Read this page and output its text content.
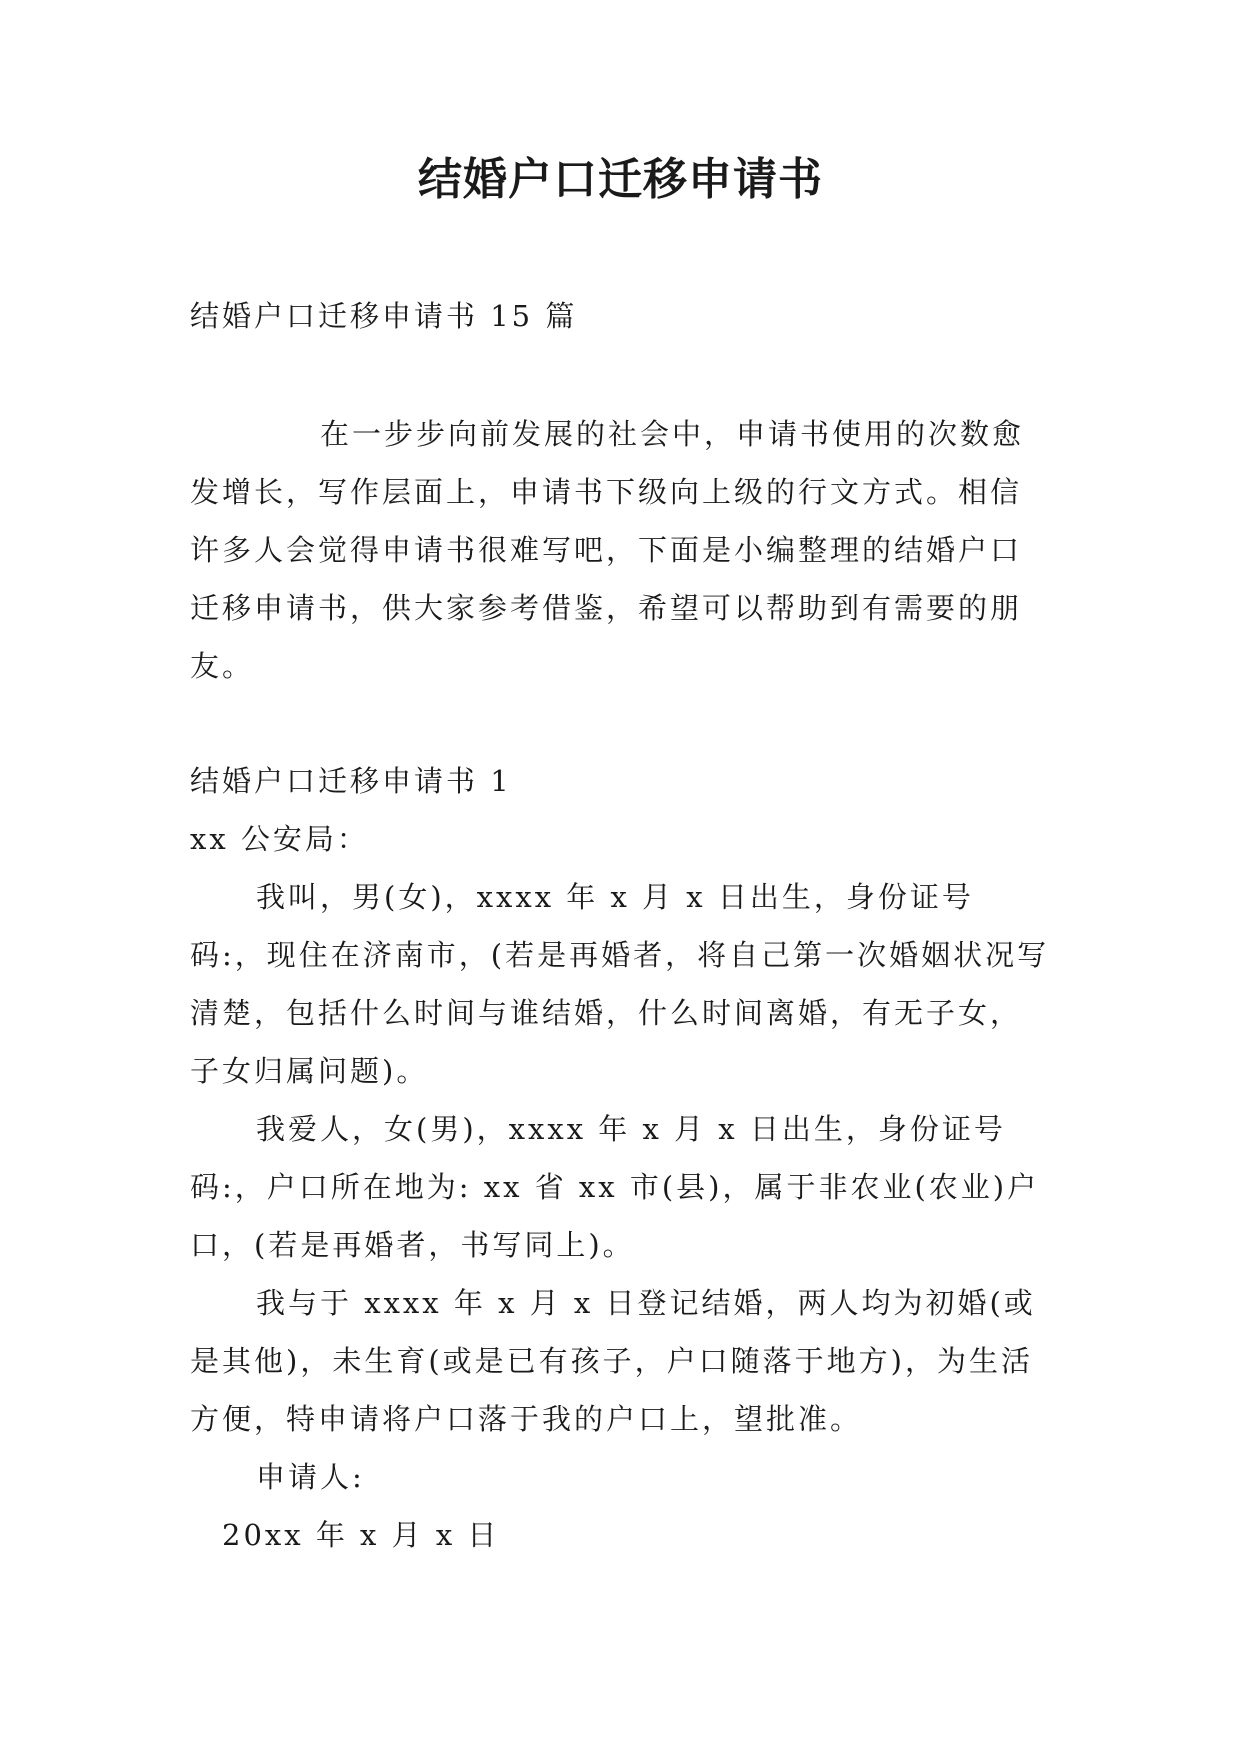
结婚户口迁移申请书
结婚户口迁移申请书 15 篇

在一步步向前发展的社会中，申请书使用的次数愈发增长，写作层面上，申请书下级向上级的行文方式。相信许多人会觉得申请书很难写吧，下面是小编整理的结婚户口迁移申请书，供大家参考借鉴，希望可以帮助到有需要的朋友。

结婚户口迁移申请书 1

xx 公安局：

我叫，男(女)，xxxx 年 x 月 x 日出生，身份证号码:，现住在济南市，(若是再婚者，将自己第一次婚姻状况写清楚，包括什么时间与谁结婚，什么时间离婚，有无子女，子女归属问题)。

我爱人，女(男)，xxxx 年 x 月 x 日出生，身份证号码:，户口所在地为: xx 省 xx 市(县)，属于非农业(农业)户口，(若是再婚者，书写同上)。

我与于 xxxx 年 x 月 x 日登记结婚，两人均为初婚(或是其他)，未生育(或是已有孩子，户口随落于地方)，为生活方便，特申请将户口落于我的户口上，望批准。

申请人:

20xx 年 x 月 x 日
